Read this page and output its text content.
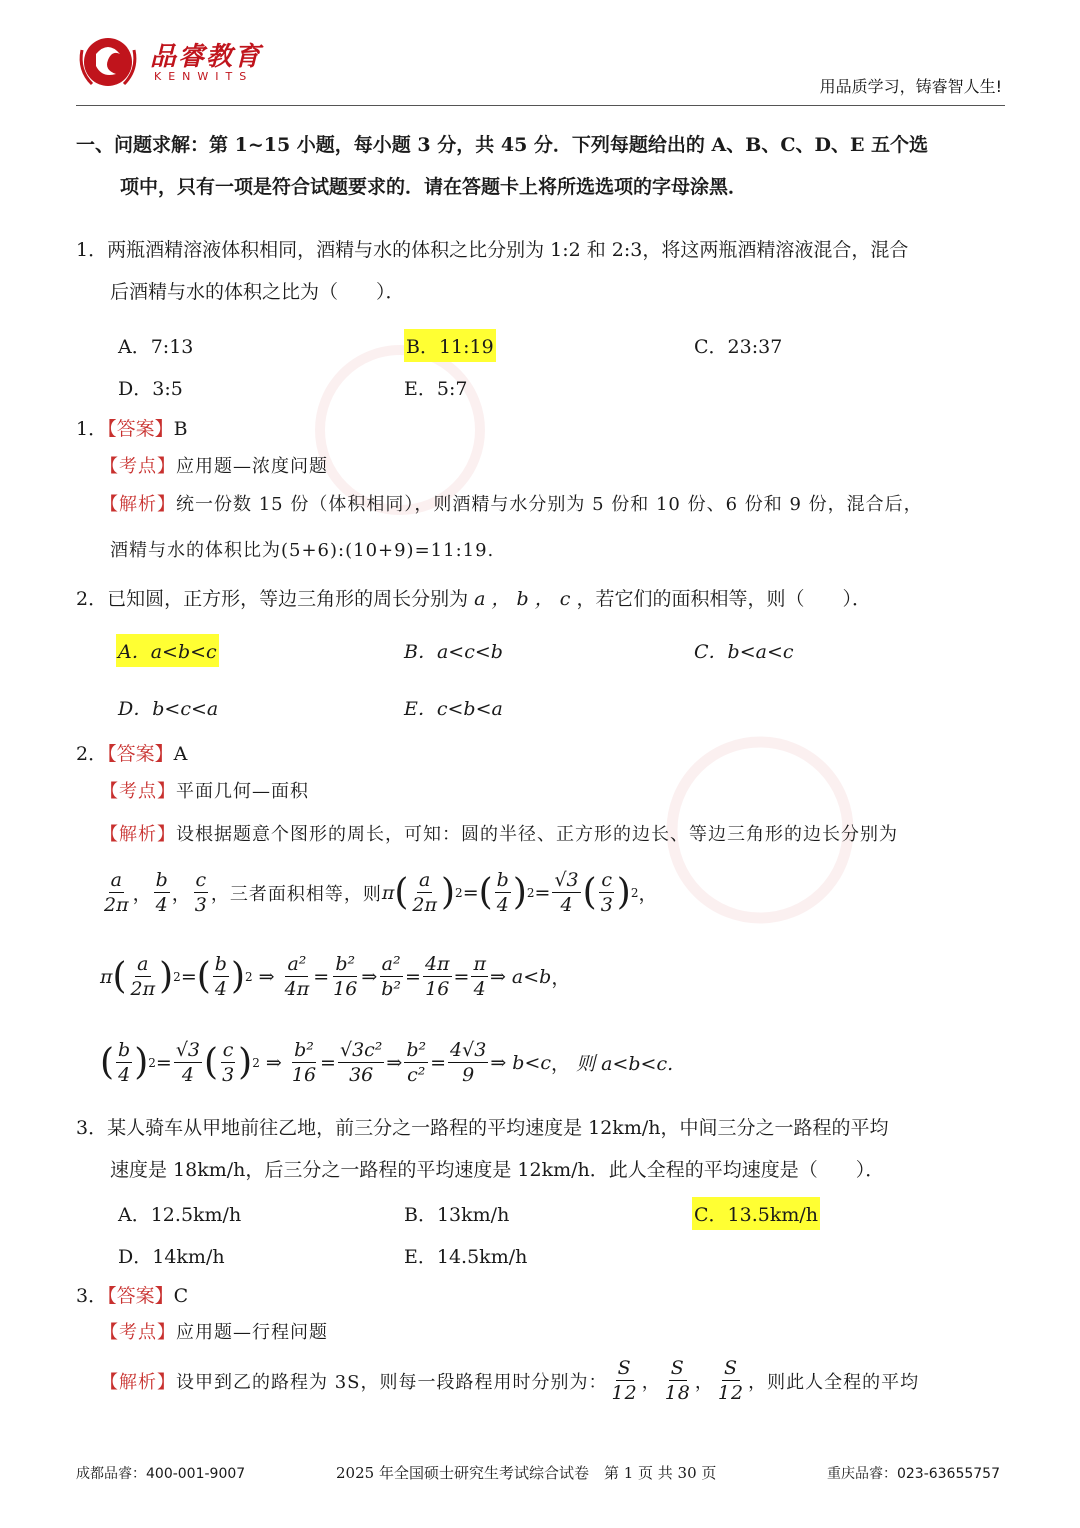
品睿教育
KENWITS
用品质学习，铸睿智人生!
一、问题求解：第 1~15 小题，每小题 3 分，共 45 分．下列每题给出的 A、B、C、D、E 五个选
项中，只有一项是符合试题要求的．请在答题卡上将所选选项的字母涂黑．
1．两瓶酒精溶液体积相同，酒精与水的体积之比分别为 1:2 和 2:3，将这两瓶酒精溶液混合，混合
后酒精与水的体积之比为（　　）．
A．7:13	B．11:19	C．23:37
D．3:5	E．5:7
1．【答案】B
【考点】应用题—浓度问题
【解析】统一份数 15 份（体积相同），则酒精与水分别为 5 份和 10 份、6 份和 9 份，混合后，
酒精与水的体积比为(5+6):(10+9)=11:19.
2．已知圆，正方形，等边三角形的周长分别为 a ， b ， c ，若它们的面积相等，则（　　）．
A．a<b<c	B．a<c<b	C．b<a<c
D．b<c<a	E．c<b<a
2．【答案】A
【考点】平面几何—面积
【解析】设根据题意个图形的周长，可知：圆的半径、正方形的边长、等边三角形的边长分别为
$\frac{a}{2\pi}$ ， $\frac{b}{4}$ ， $\frac{c}{3}$ ，三者面积相等，则 π ( $\frac{a}{2\pi}$ ) 2 = ( $\frac{b}{4}$ ) $2 = \frac{√3}{4}$ ( $\frac{c}{3}$ ) 2 ，
π ( $\frac{a}{2\pi}$ ) 2 = ( $\frac{b}{4}$ ) 2 ⇒ $\frac{\text{a²}}{4\pi} = \frac{\text{b²}}{16}$ ⇒ $\frac{\text{a²}}{\text{b²}} = \frac{4\pi}{16} = \frac{\pi}{4}$ ⇒ a<b ，
( $\frac{b}{4}$ ) $2 = \frac{√3}{4}$ ( $\frac{c}{3}$ ) 2 ⇒ $\frac{\text{b²}}{16} = \frac{\text{√3c²}}{36}$ ⇒ $\frac{\text{b²}}{\text{c²}} = \frac{4√3}{9}$ ⇒ b<c ， 则 a<b<c.
3．某人骑车从甲地前往乙地，前三分之一路程的平均速度是 12km/h，中间三分之一路程的平均
速度是 18km/h，后三分之一路程的平均速度是 12km/h．此人全程的平均速度是（　　）．
A．12.5km/h	B．13km/h	C．13.5km/h
D．14km/h	E．14.5km/h
3．【答案】C
【考点】应用题—行程问题
【解析】 设甲到乙的路程为 3S，则每一段路程用时分别为： $\frac{S}{12}$ ， $\frac{S}{18}$ ， $\frac{S}{12}$ ， 则此人全程的平均
成都品睿：400-001-9007	2025 年全国硕士研究生考试综合试卷　第 1 页 共 30 页	重庆品睿：023-63655757
